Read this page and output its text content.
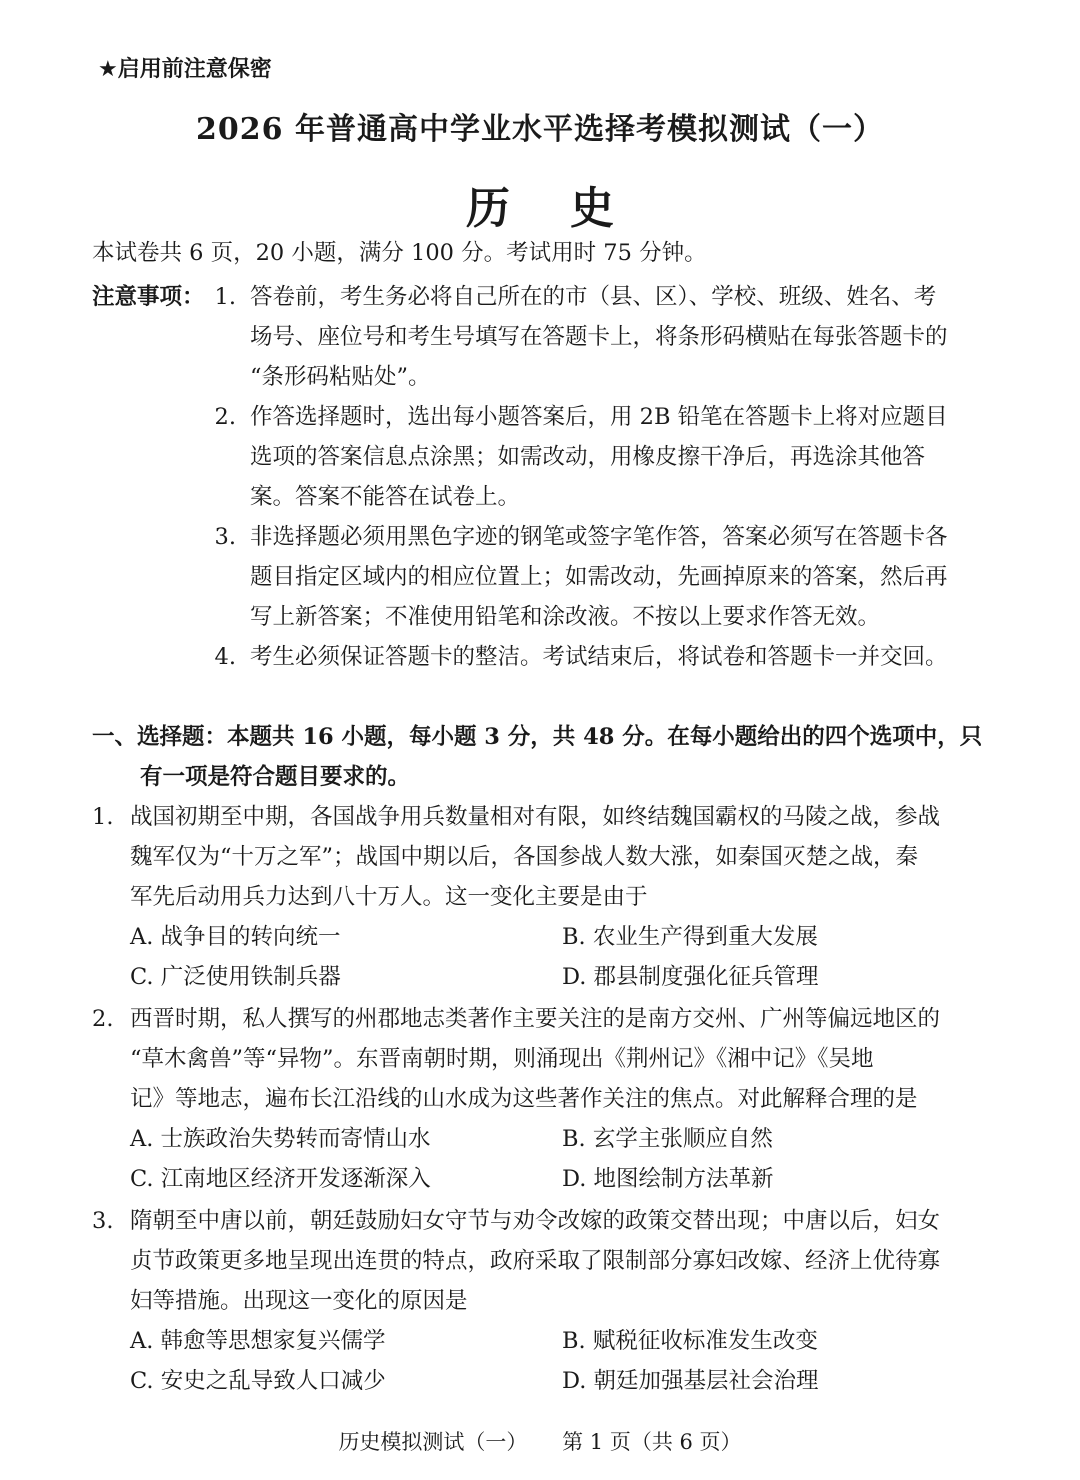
★启用前注意保密
2026 年普通高中学业水平选择考模拟测试（一）
历史
本试卷共 6 页，20 小题，满分 100 分。考试用时 75 分钟。
注意事项： 1. 答卷前，考生务必将自己所在的市（县、区）、学校、班级、姓名、考
场号、座位号和考生号填写在答题卡上，将条形码横贴在每张答题卡的
“条形码粘贴处”。
2. 作答选择题时，选出每小题答案后，用 2B 铅笔在答题卡上将对应题目
选项的答案信息点涂黑；如需改动，用橡皮擦干净后，再选涂其他答
案。答案不能答在试卷上。
3. 非选择题必须用黑色字迹的钢笔或签字笔作答，答案必须写在答题卡各
题目指定区域内的相应位置上；如需改动，先画掉原来的答案，然后再
写上新答案；不准使用铅笔和涂改液。不按以上要求作答无效。
4. 考生必须保证答题卡的整洁。考试结束后，将试卷和答题卡一并交回。
一、选择题：本题共 16 小题，每小题 3 分，共 48 分。在每小题给出的四个选项中，只
有一项是符合题目要求的。
1. 战国初期至中期，各国战争用兵数量相对有限，如终结魏国霸权的马陵之战，参战
魏军仅为“十万之军”；战国中期以后，各国参战人数大涨，如秦国灭楚之战，秦
军先后动用兵力达到八十万人。这一变化主要是由于
A. 战争目的转向统一	B. 农业生产得到重大发展
C. 广泛使用铁制兵器	D. 郡县制度强化征兵管理
2. 西晋时期，私人撰写的州郡地志类著作主要关注的是南方交州、广州等偏远地区的
“草木禽兽”等“异物”。东晋南朝时期，则涌现出《荆州记》《湘中记》《吴地
记》等地志，遍布长江沿线的山水成为这些著作关注的焦点。对此解释合理的是
A. 士族政治失势转而寄情山水	B. 玄学主张顺应自然
C. 江南地区经济开发逐渐深入	D. 地图绘制方法革新
3. 隋朝至中唐以前，朝廷鼓励妇女守节与劝令改嫁的政策交替出现；中唐以后，妇女
贞节政策更多地呈现出连贯的特点，政府采取了限制部分寡妇改嫁、经济上优待寡
妇等措施。出现这一变化的原因是
A. 韩愈等思想家复兴儒学	B. 赋税征收标准发生改变
C. 安史之乱导致人口减少	D. 朝廷加强基层社会治理
历史模拟测试（一） 第 1 页（共 6 页）
